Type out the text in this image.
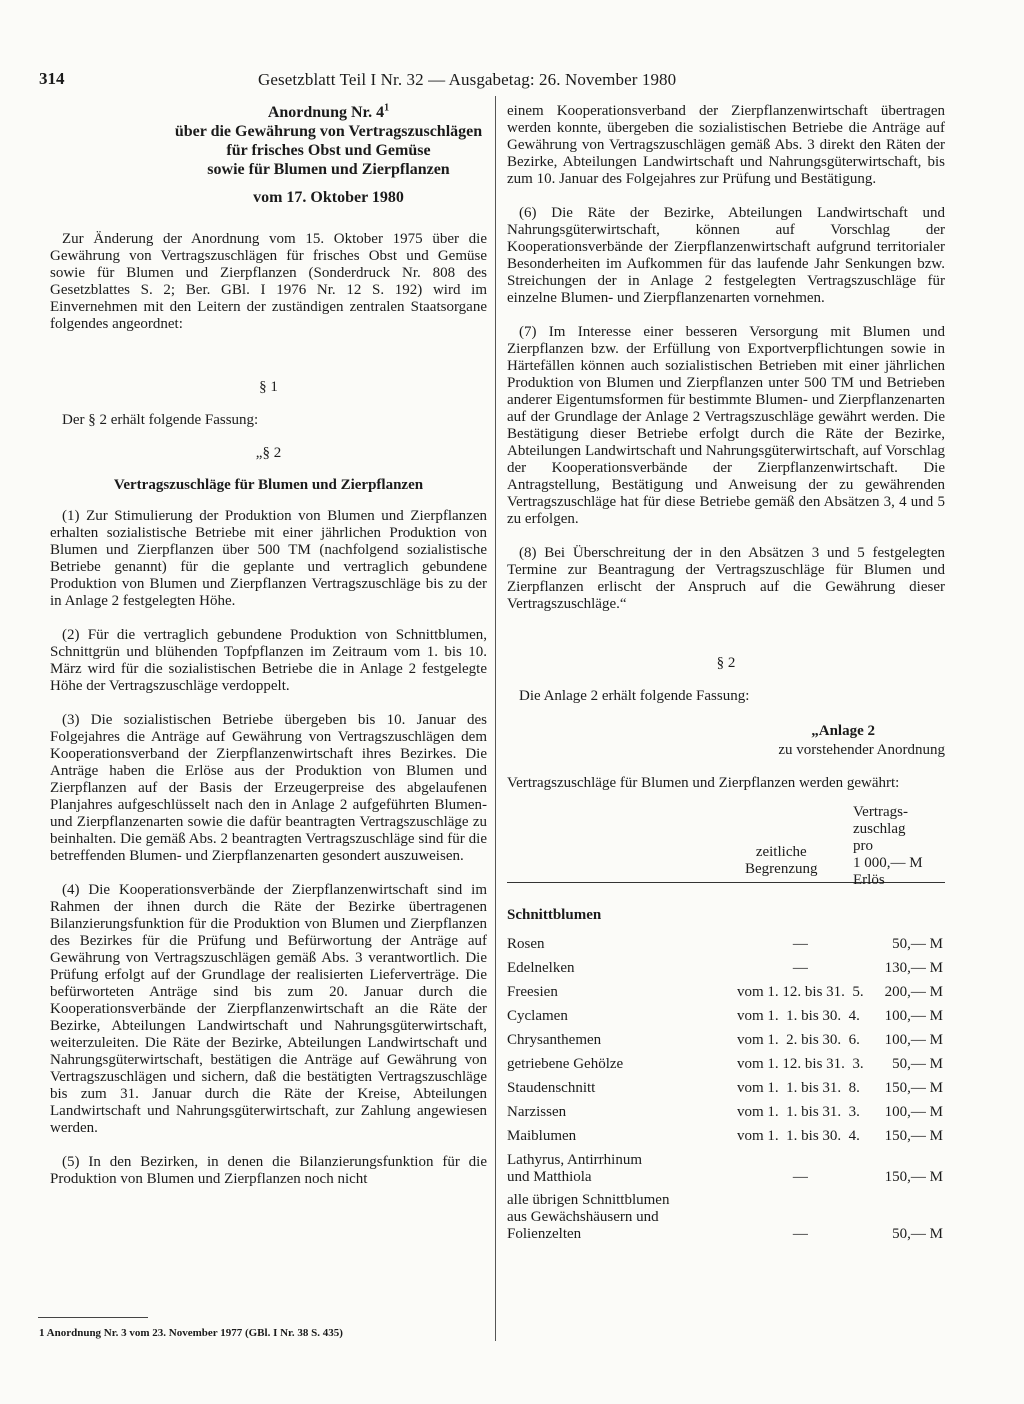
314	Gesetzblatt Teil I Nr. 32 — Ausgabetag: 26. November 1980
Anordnung Nr. $4^1$
über die Gewährung von Vertragszuschlägen
für frisches Obst und Gemüse
sowie für Blumen und Zierpflanzen
vom 17. Oktober 1980

Zur Änderung der Anordnung vom 15. Oktober 1975 über die Gewährung von Vertragszuschlägen für frisches Obst und Gemüse sowie für Blumen und Zierpflanzen (Sonderdruck Nr. 808 des Gesetzblattes S. 2; Ber. GBl. I 1976 Nr. 12 S. 192) wird im Einvernehmen mit den Leitern der zuständigen zentralen Staatsorgane folgendes angeordnet:

§ 1

Der § 2 erhält folgende Fassung:

„§ 2
Vertragszuschläge für Blumen und Zierpflanzen

(1) Zur Stimulierung der Produktion von Blumen und Zierpflanzen erhalten sozialistische Betriebe mit einer jährlichen Produktion von Blumen und Zierpflanzen über 500 TM (nachfolgend sozialistische Betriebe genannt) für die geplante und vertraglich gebundene Produktion von Blumen und Zierpflanzen Vertragszuschläge bis zu der in Anlage 2 festgelegten Höhe.

(2) Für die vertraglich gebundene Produktion von Schnittblumen, Schnittgrün und blühenden Topfpflanzen im Zeitraum vom 1. bis 10. März wird für die sozialistischen Betriebe die in Anlage 2 festgelegte Höhe der Vertragszuschläge verdoppelt.

(3) Die sozialistischen Betriebe übergeben bis 10. Januar des Folgejahres die Anträge auf Gewährung von Vertragszuschlägen dem Kooperationsverband der Zierpflanzenwirtschaft ihres Bezirkes. Die Anträge haben die Erlöse aus der Produktion von Blumen und Zierpflanzen auf der Basis der Erzeugerpreise des abgelaufenen Planjahres aufgeschlüsselt nach den in Anlage 2 aufgeführten Blumen- und Zierpflanzenarten sowie die dafür beantragten Vertragszuschläge zu beinhalten. Die gemäß Abs. 2 beantragten Vertragszuschläge sind für die betreffenden Blumen- und Zierpflanzenarten gesondert auszuweisen.

(4) Die Kooperationsverbände der Zierpflanzenwirtschaft sind im Rahmen der ihnen durch die Räte der Bezirke übertragenen Bilanzierungsfunktion für die Produktion von Blumen und Zierpflanzen des Bezirkes für die Prüfung und Befürwortung der Anträge auf Gewährung von Vertragszuschlägen gemäß Abs. 3 verantwortlich. Die Prüfung erfolgt auf der Grundlage der realisierten Lieferverträge. Die befürworteten Anträge sind bis zum 20. Januar durch die Kooperationsverbände der Zierpflanzenwirtschaft an die Räte der Bezirke, Abteilungen Landwirtschaft und Nahrungsgüterwirtschaft, weiterzuleiten. Die Räte der Bezirke, Abteilungen Landwirtschaft und Nahrungsgüterwirtschaft, bestätigen die Anträge auf Gewährung von Vertragszuschlägen und sichern, daß die bestätigten Vertragszuschläge bis zum 31. Januar durch die Räte der Kreise, Abteilungen Landwirtschaft und Nahrungsgüterwirtschaft, zur Zahlung angewiesen werden.

(5) In den Bezirken, in denen die Bilanzierungsfunktion für die Produktion von Blumen und Zierpflanzen noch nicht

einem Kooperationsverband der Zierpflanzenwirtschaft übertragen werden konnte, übergeben die sozialistischen Betriebe die Anträge auf Gewährung von Vertragszuschlägen gemäß Abs. 3 direkt den Räten der Bezirke, Abteilungen Landwirtschaft und Nahrungsgüterwirtschaft, bis zum 10. Januar des Folgejahres zur Prüfung und Bestätigung.

(6) Die Räte der Bezirke, Abteilungen Landwirtschaft und Nahrungsgüterwirtschaft, können auf Vorschlag der Kooperationsverbände der Zierpflanzenwirtschaft aufgrund territorialer Besonderheiten im Aufkommen für das laufende Jahr Senkungen bzw. Streichungen der in Anlage 2 festgelegten Vertragszuschläge für einzelne Blumen- und Zierpflanzenarten vornehmen.

(7) Im Interesse einer besseren Versorgung mit Blumen und Zierpflanzen bzw. der Erfüllung von Exportverpflichtungen sowie in Härtefällen können auch sozialistischen Betrieben mit einer jährlichen Produktion von Blumen und Zierpflanzen unter 500 TM und Betrieben anderer Eigentumsformen für bestimmte Blumen- und Zierpflanzenarten auf der Grundlage der Anlage 2 Vertragszuschläge gewährt werden. Die Bestätigung dieser Betriebe erfolgt durch die Räte der Bezirke, Abteilungen Landwirtschaft und Nahrungsgüterwirtschaft, auf Vorschlag der Kooperationsverbände der Zierpflanzenwirtschaft. Die Antragstellung, Bestätigung und Anweisung der zu gewährenden Vertragszuschläge hat für diese Betriebe gemäß den Absätzen 3, 4 und 5 zu erfolgen.

(8) Bei Überschreitung der in den Absätzen 3 und 5 festgelegten Termine zur Beantragung der Vertragszuschläge für Blumen und Zierpflanzen erlischt der Anspruch auf die Gewährung dieser Vertragszuschläge.“

§ 2

Die Anlage 2 erhält folgende Fassung:

„Anlage 2
zu vorstehender Anordnung

Vertragszuschläge für Blumen und Zierpflanzen werden gewährt:

zeitliche
Begrenzung
Vertrags-
zuschlag
pro
1 000,— M
Erlös
Schnittblumen
Rosen	—	50,— M
Edelnelken	—	130,— M
Freesien	vom 1. 12. bis 31.  5.	200,— M
Cyclamen	vom 1.  1. bis 30.  4.	100,— M
Chrysanthemen	vom 1.  2. bis 30.  6.	100,— M
getriebene Gehölze	vom 1. 12. bis 31.  3.	50,— M
Staudenschnitt	vom 1.  1. bis 31.  8.	150,— M
Narzissen	vom 1.  1. bis 31.  3.	100,— M
Maiblumen	vom 1.  1. bis 30.  4.	150,— M

Lathyrus, Antirrhinum
und Matthiola	—	150,— M

alle übrigen Schnittblumen
aus Gewächshäusern und
Folienzelten	—	50,— M
1 Anordnung Nr. 3 vom 23. November 1977 (GBl. I Nr. 38 S. 435)
